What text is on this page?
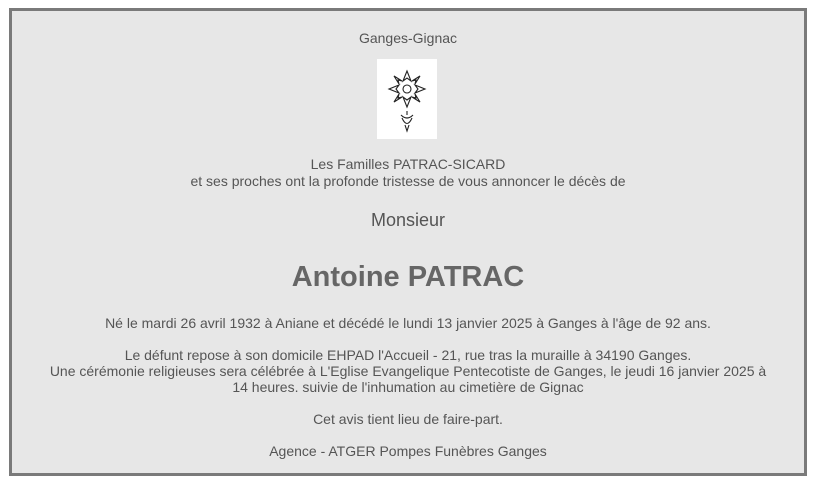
Ganges-Gignac
Les Familles PATRAC-SICARD
et ses proches ont la profonde tristesse de vous annoncer le décès de
Monsieur
Antoine PATRAC
Né le mardi 26 avril 1932 à Aniane et décédé le lundi 13 janvier 2025 à Ganges à l'âge de 92 ans.
Le défunt repose à son domicile EHPAD l'Accueil - 21, rue tras la muraille à 34190 Ganges.
Une cérémonie religieuses sera célébrée à L'Eglise Evangelique Pentecotiste de Ganges, le jeudi 16 janvier 2025 à
14 heures. suivie de l'inhumation au cimetière de Gignac
Cet avis tient lieu de faire-part.
Agence - ATGER Pompes Funèbres Ganges
